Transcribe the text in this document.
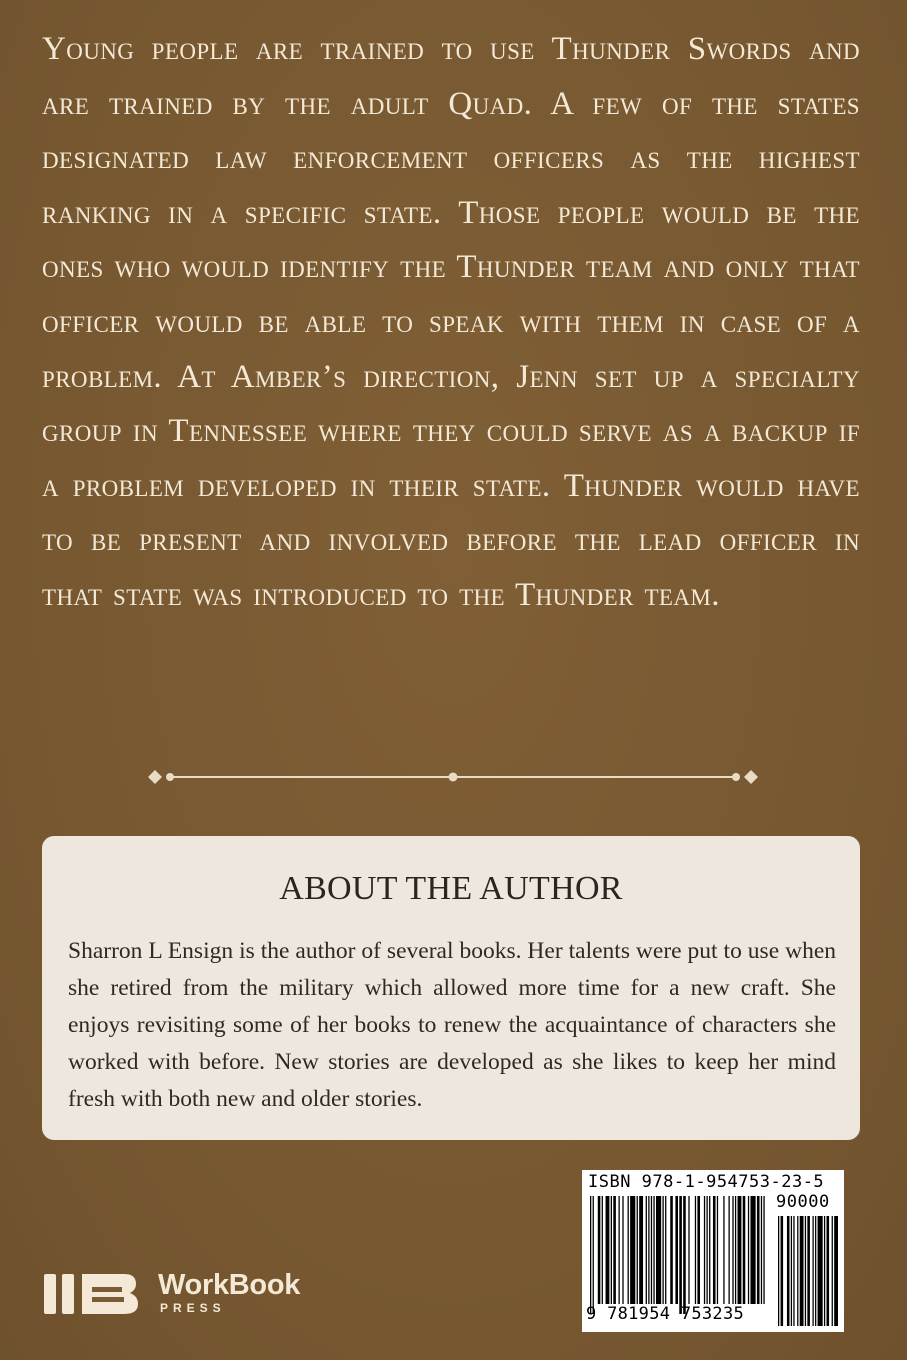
Young people are trained to use Thunder Swords and are trained by the adult Quad. A few of the states designated law enforcement officers as the highest ranking in a specific state. Those people would be the ones who would identify the Thunder team and only that officer would be able to speak with them in case of a problem. At Amber’s direction, Jenn set up a specialty group in Tennessee where they could serve as a backup if a problem developed in their state. Thunder would have to be present and involved before the lead officer in that state was introduced to the Thunder team.

ABOUT THE AUTHOR

Sharron L Ensign is the author of several books. Her talents were put to use when she retired from the military which allowed more time for a new craft. She enjoys revisiting some of her books to renew the acquaintance of characters she worked with before. New stories are developed as she likes to keep her mind fresh with both new and older stories.

WorkBook
PRESS
ISBN 978-1-954753-23-5
90000
9 781954 753235
